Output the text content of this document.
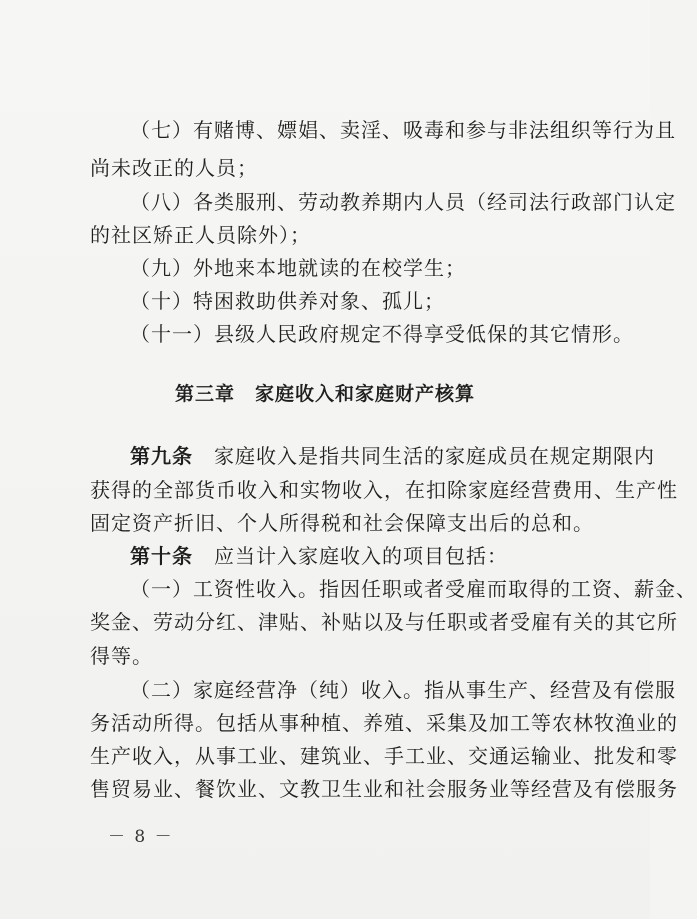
（七）有赌博、嫖娼、卖淫、吸毒和参与非法组织等行为且
尚未改正的人员；
（八）各类服刑、劳动教养期内人员（经司法行政部门认定
的社区矫正人员除外）；
（九）外地来本地就读的在校学生；
（十）特困救助供养对象、孤儿；
（十一）县级人民政府规定不得享受低保的其它情形。
第三章　家庭收入和家庭财产核算
第九条　 家庭收入是指共同生活的家庭成员在规定期限内
获得的全部货币收入和实物收入，在扣除家庭经营费用、生产性
固定资产折旧、个人所得税和社会保障支出后的总和。
第十条　 应当计入家庭收入的项目包括：
（一）工资性收入。指因任职或者受雇而取得的工资、薪金、
奖金、劳动分红、津贴、补贴以及与任职或者受雇有关的其它所
得等。
（二）家庭经营净（纯）收入。指从事生产、经营及有偿服
务活动所得。包括从事种植、养殖、采集及加工等农林牧渔业的
生产收入，从事工业、建筑业、手工业、交通运输业、批发和零
售贸易业、餐饮业、文教卫生业和社会服务业等经营及有偿服务
－ 8 －
